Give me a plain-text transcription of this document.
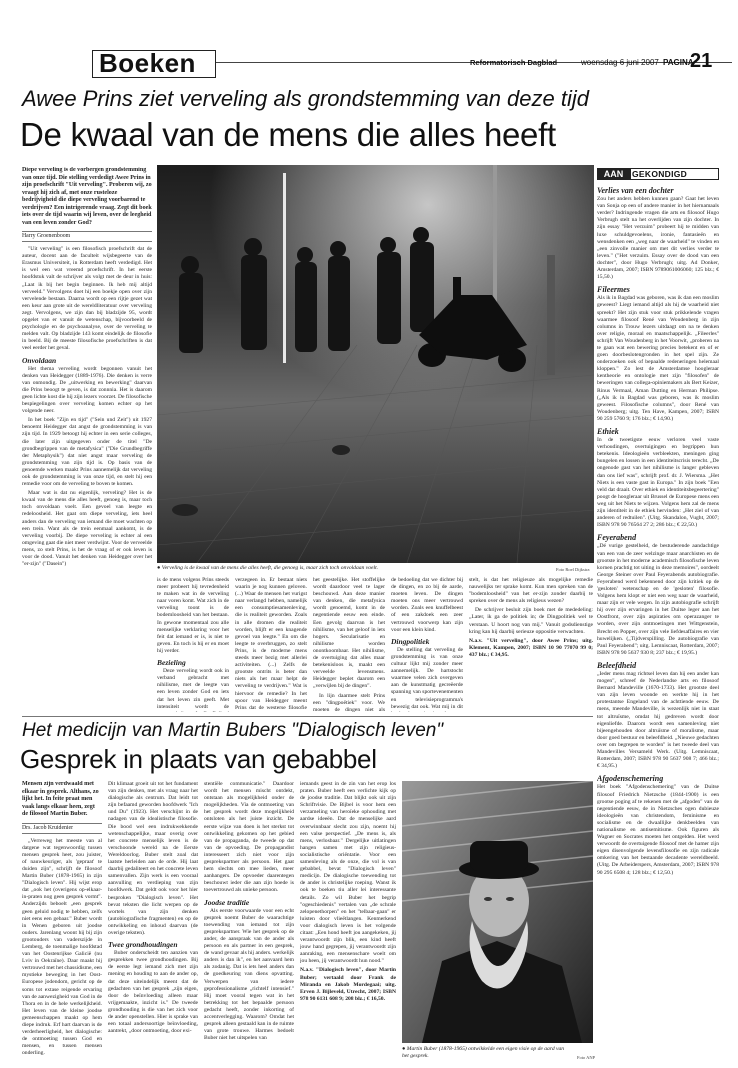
Boeken	Reformatorisch Dagblad	woensdag 6 juni 2007 PAGINA
21
Awee Prins ziet verveling als grondstemming van deze tijd
De kwaal van de mens die alles heeft
Diepe verveling is de vorbergen grondstemming van onze tijd. Die stelling verdedigt Awee Prins in zijn proefschrift "Uit verveling". Proberen wij, zo vraagt hij zich af, met onze rusteloze bedrijvigheid die diepe verveling voorbarend te verdrijven? Een intrigerende vraag. Zegt dit boek iets over de tijd waarin wij leven, over de leegheid van een leven zonder God?
Harry Groenenboom

"Uit verveling" is een filosofisch proefschrift dat de auteur, docent aan de faculteit wijsbegeerte van de Erasmus Universiteit, in Rotterdam heeft verdedigd. Het is wel een wat vreemd proefschrift. In het eerste hoofdstuk valt de schrijver als volgt met de deur in huis: „Laat ik bij het begin beginnen. Ik heb mij altijd verveeld." Vervolgens doet hij een boekje open over zijn vervelende bestaan. Daarna wordt op een rijtje gezet wat een keur aan grote uit de wereldliteratuur over verveling zegt. Vervolgens, we zijn dan bij bladzijde 95, wordt opgelet van er vanuit de wetenschap, bijvoorbeeld de psychologie en de psychoanalyse, over de verveling te melden valt. Op bladzijde 143 komt eindelijk de filosofie in beeld. Bij de meeste filosofische proefschriften is dat veel eerder het geval.

Onvoldaan

Het thema verveling wordt begonnen vanuit het denken van Heidegger (1889-1976). Die denken is verre van onmondig. De „uitwerking en bewerking" daarvan die Prins beoogt te geven, is dat zonnnia. Het is daarom geen lichte kost die hij zijn lezers voorzet. De filosofische bespiegelingen over verveling komen echter op het volgende neer.

In het boek "Zijn en tijd" ("Sein und Zeit") uit 1927 benoemt Heidegger dat angst de grondstemming is van zijn tijd. In 1929 betoogt hij echter in een serie colleges, die later zijn uitgegeven onder de titel "De grondbegrippen van de metafysica" ("Die Grundbegriffe der Metaphysik") dat niet angst maar verveling de grondstemming van zijn tijd is. Op basis van de genoemde werken maakt Prins aannemelijk dat verveling ook de grondstemming is van onze tijd, en stelt hij een remedie voor om de verveling te boven te komen.

Maar wat is dat nu eigenlijk, verveling? Het is de kwaal van de mens die alles heeft, genoeg is, maar toch toch onvoldaan voelt. Een gevoel van leegte en redeloosheid. Het gaat om diepe verveling, iets heel anders dan de verveling van iemand die moet wachten op een trein. Want als de trein eenmaal aankomt, is de verveling voorbij. De diepe verveling is echter al een omgeving gaat die niet meer verdwijnt. Voor de verveelde mens, zo stelt Prins, is het de vraag of er ook leven is voor de dood. Vanuit het denken van Heidegger over het "er-zijn" ("Dasein")

● Verveling is de kwaal van de mens die alles heeft, die genoeg is, maar zich toch onvoldaan voelt.	Foto Roel Dijkstra

is de mens volgens Prins steeds meer probeert hij tevredenheid te maken wat in de verveling naar voren komt. Wat zich in de verveling toont is de bodemloosheid van het bestaan. In gewone momentaal zou alle menselijke verklaring voor het feit dat iemand er is, is niet te geven. En toch is hij er en moet hij verder.

Bezieling

Deze verveling wordt ook in verband gebracht met nihilisme, met de leegte van een leven zonder God en iets dat het leven zin geeft. Met intensiteit wordt de

verzegeen in. Er bestaat niets waarin je nog kunnen geloven. (...) Waar de mensen het vurigst naar verlangd hebben, namelijk een consumptiesamenleving, die is realiteit geworden. Zoals in alle dromen die realiteit worden, blijft er een knagende gevoel van leegte." En om die leegte te overbruggen, zo stelt Prins, is de moderne mens steeds meer bezig met allerlei activiteiten. (...) Zelfs de grootste ontrits is beter dan niets als het maar helpt de verveling te verdrijven." Wat is hiervoor de remedie? In het spoor van Heidegger meent Prins dat de westerse filosofie

het geestelijke. Het stoffelijke wordt daardoor veel te lager beschouwd. Aan deze manier van denken, die metafysica wordt genoemd, komt in de negentiende eeuw een einde. Een gevolg daarvan is het nihilisme, van het geloof in iets hogers. Secularisatie en nihilisme worden onontkoombaar. Het nihilisme, de overtuiging dat alles maar betekenisloos is, maakt een verveelde levensmens. Heidegger beplet daarom een „verwijlen bij de dingen".

In lijn daarmee stelt Prins een "dingpoëtiek" voor. We moeten de dingen niet als

de bedoeling dat we dichter bij de dingen, en zo bij de aarde, moeten leven. De dingen moeten ons meer vertrouwd worden. Zoals een knuffelbeest of een zakdoek een zeer vertrouwd voorwerp kan zijn voor een klein kind.

Dingpolitiek

De stelling dat verveling de grondstemming is van onze cultuur lijkt mij zonder meer aannemelijk. De hartstocht waarmee velen zich overgeven aan de kunstmatig gecreëerde spanning van sportevenementen en televisieprogramma's bewezig dat ook. Wat mij in dit

stelt, is dat het religieuze als mogelijke remedie nauwelijks ter sprake komt. Kun men spreken van de "bodemloosheid" van het er-zijn zonder daarbij te spreken over de mens als religieus wezen?

De schrijver besluit zijn boek met de mededeling: „Later, ik ga de politiek in; de Dingpolitiek wel te verstaan. U hoort nog van mij." Vanuit godsdienstige kring kan hij daarbij serieuze oppositie verwachten.

N.a.v. "Uit verveling", door Awee Prins; uitg. Klement, Kampen, 2007; ISBN 10 90 77070 99 0; 437 blz.; € 34,95.

AAN	GEKONDIGD
Verlies van een dochter

Zou het anders hebben kunnen gaan? Gaat het leven van Sonja op een of andere manier in het hiernamaals verder? Indringende vragen die arts en filosoof Hugo Verbrugh stelt na het overlijden van zijn dochter. In zijn essay "Het verzuim" probeert hij te midden van luxe schuldgevoelens, ironie, fantasieën en wensdenken een „weg naar de waarheid" te vinden en „een zinvolle manier om met dit verlies verder te leven." ("Het verzuim. Essay over de dood van een dochter", door Hugo Verbrugh; uitg. Ad Donker, Amsterdam, 2007; ISBN 9789061006060; 125 blz.; € 15,50.)

Fileermes

Als ik in Bagdad was geboren, was ik dan een moslim geweest? Liegt iemand altijd als hij de waarheid niet spreekt? Het zijn stuk voor stuk prikkelende vragen waarmee filosoof René van Woudenberg in zijn columns in Trouw lezers uitdaagt om na te denken over religie, moraal en maatschappelijk. „Fileerles" schrijft Van Woudenberg in het Voorwit, „proberen na te gaan wat een bewering precies betekent en of er goen doorbeslotengronden in het spel zijn. Ze onderzoeken ook of bepaalde redeneringen helemaal kloppen." Zo lest de Amsterdamse hoogleraar kentheorie en ontologie met zijn "filosofen" de beweringen van collega-opiniemakers als Bert Keizer, Rinus Vermaal, Aman Dutting en Herman Philipse. („Als ik in Bagdad was geboren, was ik moslim geweest. Filosofische columns", door René van Woudenberg; uitg. Ten Have, Kampen, 2007; ISBN 90 259 5760 9; 176 blz.; € 14,90.)

Ethiek

In de tweetigste eeuw verloren veel vaste verhoudingen, overtuigingen en begrippen hun betekenis. Ideologieën verbleekten, meningen ging bungelen en lossen in een identiteitscrisis terecht. „De ongenode gast van het nihilisme is langer gebleven dan ons lief was", schrijft prof. dr. J. Wiersma. „Het Niets is een vaste gast in Europa." In zijn boek "Een veld dat draait. Over ethiek en identiteitsbegeertering" poogt de hoogleraar uit Brussel de Europese mens een weg uit het Niets te wijzen. Volgens hem zal de mens zijn identiteit in de ethiek hervinden: „Het ziel of van anderen of redtuilen". (Uitg. Skandalon, Vught, 2007; ISBN 978 90 76564 27 2; 286 blz.; € 22,50.)

Feyerabend

„Dé vurige gestelheid, de bestuderende aandachtige van een van de zeer welzinge maar anarchisten en de grootste in het moderne academisch filosofische leven kornen prachtig tot uiting in deze memoires", oordeelt George Steiner over Paul Feyerabends autobiografie. Feyerabend werd bekennend door zijn kritiek op de 'gesloten' wetenschap en de 'gesloten' filosofie. Volgens hem klopt er niet een weg naar de waarheid, maar zijn er vele wegen. In zijn autobiografie schrijft hij over zijn ervaringen in het Duitse leger aan het Oostfront, over zijn aspiraties om operazanger te worden, over zijn ontmoetingen met Wittgenstein, Brecht en Popper, over zijn vele liefdesaffaires en vier huwelijken. („Tijdverspilling. De autobiografie van Paul Feyerabend"; uitg. Lemniscaat, Rotterdam, 2007; ISBN 978 90 5637 930 8; 237 blz.; € 19,95.)

Beleefdheid

„Ieder mens mag richtsel leven dan hij een ander kan mogen", schreef de Nederlandse arts en filosoof Bernard Mandeville (1670-1733). Het grootste deel van zijn leven woonde en werkte hij in het protestantse Engeland van de achttiende eeuw. De mens, meende Mandeville, is wezenlijk niet in staat tot altruïsme, omdat hij gedreven wordt door eigenliefde. Daarom wordt een samenleving niet bijeengehouden door altruïsme of moralisme, maar door goed bestuur en beleefdheid. „Nieuwe gedachten over om begrepen te worden" is het tweede deel van Mandevilles Versameld Werk. (Uitg. Lemniscaat, Rotterdam, 2007; ISBN 978 90 5637 908 7; 466 blz.; € 34,95.)

Afgodenschemering

Het boek "Afgodenschemering" van de Duitse filosoof Friedrich Nietzsche (1844-1900) is een grootse poging af te rekenen met de „afgoden" van de negentiende eeuw, de in Nietzsches ogen dubieuze ideologieën van christendom, feminisme en socialisme en de dwaallijke denkbeelden van nationalisme en antisemitisme. Ook figuren als Wagner en Socrates moeten het ontgelden. Het werd verwoordt de overtuigende filosoof met de hamer zijn eigen disenvolgende levensfilosofie en zijn radicale omkering van het bestaande decadente wereldbeeld. (Uitg. De Arbeiderspers, Amsterdam, 2007; ISBN 978 90 295 6508 4; 128 blz.; € 12,50.)

Het medicijn van Martin Bubers "Dialogisch leven"
Gesprek in plaats van gebabbel
Mensen zijn verdwaald met elkaar in gesprek. Althans, zo lijkt het. In feite praat men vaak langs elkaar heen, zegt de filosoof Martin Buber.
Drs. Jacob Kruidenier

„Verreweg het meeste van al datgene wat tegenwoordig tussen mensen gesprek heet, zou juister, of nauwkeuriger, als 'gepraat' te duiden zijn", schrijft de filosoof Martin Buber (1878-1965) in zijn "Dialogisch leven". Hij wijst erop dat „ook het (overigens op-elkaar-in-praten nog geen gesprek vormt". Anderzijds beboelt „een gesprek geen geluid nodig te hebben, zelfs niet eens een gebaar." Buber wordt in Wenen geboren uit joodse ouders. Jarenlang woont hij bij zijn grootouders van vaderszijde in Lemberg, de toenmalige hoofdstad van het Oostenrijkse Galicië (nu Lviv in Oekraïne). Daar maakt hij vertrouwd met het chassidisme, een mystieke beweging in het Oost-Europese jodendom, gericht op de soms tot extase reigende ervaring van de aanwezigheid van God in de Thora en in de hele werkelijkheid. Het leven van de kleine joodse gemeenschappen maakt op hem diepe indruk. Erf hart daarvan is de verderheerligheid, het dialogische: de ontmoeting tussen God en mensen, en tussen mensen onderling.

Dit klimaat groeit uit tot het fundament van zijn denken, met als vraag naar het dialogische als centrum. Dat leidt tot zijn befaamd geworden hoofdwerk "Ich und Du" (1923). Het verschijnt in de nadagen van de idealistische filosofie. Die bood wel een indrukwekkende wetenschappelijke, maar overig over het concrete menselijk leven is de verschoonde wereld na de Eerste Wereldoorlog. Buber stelt zoal dat laatste herleiden aan de orde. Hij laat daarbij gedaliteert en het concrete leven samenvallen. Zijn werk is een vooraal aanvulling en verdieping van zijn hoofdwerk. Dat geldt ook voor het hier besproken "Dialogisch leven". Het bevat teksten die licht werpen op de wortels van zijn denken (autobiografische fragmenten) en op de ontwikkeling en inhoud daarvan (de overige teksten).

Twee grondhoudingen

Buber onderscheidt ten aanzien van gesprekken twee grondhoudingen. Bij de eerste legt iemand zich met zijn mening en houding to aan de ander op, dat deze uiteindelijk meent dat de gedachten van het gesprek „zijn eigen, door de beïnvloeding alleen maar vrijgemaakte, inzicht is." De tweede grondhouding is die van het zich voor de ander openstellen. Hier is sprake van een totaal andersoortige beïnvloeding, aantrekt, „door ontmoeting, door exi-

stentiële communicatie." Daardoor wordt het mensen mischt ontdekt, ontstaan als mogelijkheid onder de mogelijkheden. Via de ontmoeting van het gesprek wordt deze mogelijkheid ontsloten als het juiste inzicht. De eerste wijze van doen is het sterkst tot ontwikkeling gekomen op het gebied van de propaganda, de tweede op dat van de opvoeding. De propagandist interesseert zich niet voor zijn gesprekspartner als persoon. Het gaat hem slechts om mee lieden, meer aanhangers. De opvoeder daarentegen beschouwt ieder die aan zijn hoede is toevertrouwd als unieke persoon.

Joodse traditie

Als eerste voorwaarde voor een echt gesprek noemt Buber de waarachtige toewending van iemand tot zijn gesprekspartner. Wie het gesprek op de ander, de aanspraak van de ander als persoon en als partner in een gesprek, de wand gevaar als hij anders. werkelijk anders is dan ik", en het aanvaard hem als zodanig. Dat is iets heel anders dan de goedkeuring van diens opvatting. Verwerpen van iedere geprofessionalisme „richtelf intensief." Hij moet vooral tegen wat in het betrekking tot het bepaalde persoon gedacht heeft, zonder inkorting of accentverlegging. Waarom? Omdat het gesprek alleen gestaald kan in de ruimte van grote trouwe. Harmes bedoelt Buber niet het uitspelen van

iemands geest in de zin van het erop los praten. Buber heeft een verlichte kijk op de joodse traditie. Dat blijkt ook uit zijn Schriftvisie. De Bijbel is voor hem een verzameling van heroïeke ophouding met aardse ideeën. Dat de menselijke aard overwinnbaar slecht zou zijn, noemt hij een valse perspectief. „De mens is, als mens, verlosbaar." Dergelijke uitlatingen hangen samen met zijn religieus-socialistische oriëntatie. Voor een samenleving als de onze, die vol is van gebabbel, bevat "Dialogisch leven" medicijn. De dialogische toewending tot de ander is christelijke roeping. Wanst ik ook te boeken tiu aller lei interessante details. Zo wil Buber het begrip "ogeschiedenis" vertalen van „de schrale zelopenethorpen" en het "telbaar-gaan" er luisten door vlieëtlangen. Kenmerkend voor dialogisch leven is het volgende citaat: „Een hond heeft jou aangekeken, jij verantwoordt zijn blik, een kind heeft jouw hand gegrepen, jij verantwoordt zijn aanraking, een mensenschare woelt om jou heen, jij verantwoordt hun nood."

N.a.v. "Dialogisch leven", door Martin Buber; vertaald door Frank de Miranda en Jakob Mordegaai; uitg. Erven J. Bijleveld, Utrecht, 2007; ISBN 978 90 6131 608 9; 208 blz.; € 16,50.

● Martin Buber (1878-1965) ontwikkelde een eigen visie op de aard van het gesprek.	Foto ANP
